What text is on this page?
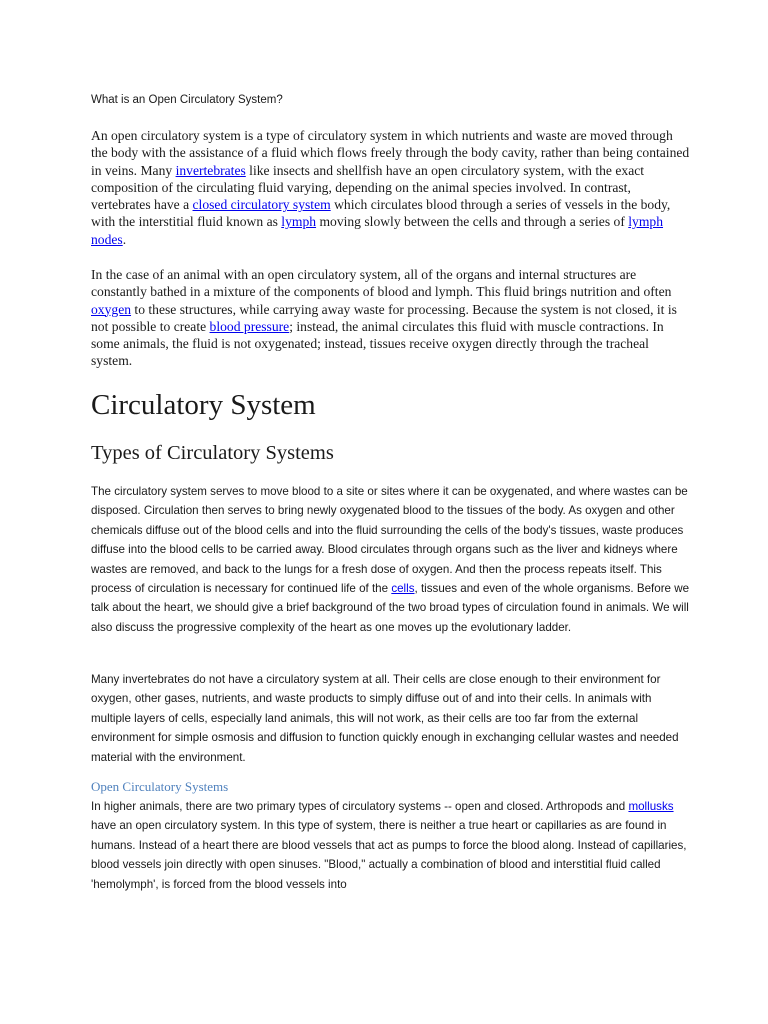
What is an Open Circulatory System?

An open circulatory system is a type of circulatory system in which nutrients and waste are moved through the body with the assistance of a fluid which flows freely through the body cavity, rather than being contained in veins. Many invertebrates like insects and shellfish have an open circulatory system, with the exact composition of the circulating fluid varying, depending on the animal species involved. In contrast, vertebrates have a closed circulatory system which circulates blood through a series of vessels in the body, with the interstitial fluid known as lymph moving slowly between the cells and through a series of lymph nodes.

In the case of an animal with an open circulatory system, all of the organs and internal structures are constantly bathed in a mixture of the components of blood and lymph. This fluid brings nutrition and often oxygen to these structures, while carrying away waste for processing. Because the system is not closed, it is not possible to create blood pressure; instead, the animal circulates this fluid with muscle contractions. In some animals, the fluid is not oxygenated; instead, tissues receive oxygen directly through the tracheal system.

Circulatory System
Types of Circulatory Systems

The circulatory system serves to move blood to a site or sites where it can be oxygenated, and where wastes can be disposed. Circulation then serves to bring newly oxygenated blood to the tissues of the body. As oxygen and other chemicals diffuse out of the blood cells and into the fluid surrounding the cells of the body's tissues, waste produces diffuse into the blood cells to be carried away. Blood circulates through organs such as the liver and kidneys where wastes are removed, and back to the lungs for a fresh dose of oxygen. And then the process repeats itself. This process of circulation is necessary for continued life of the cells, tissues and even of the whole organisms. Before we talk about the heart, we should give a brief background of the two broad types of circulation found in animals. We will also discuss the progressive complexity of the heart as one moves up the evolutionary ladder.

Many invertebrates do not have a circulatory system at all. Their cells are close enough to their environment for oxygen, other gases, nutrients, and waste products to simply diffuse out of and into their cells. In animals with multiple layers of cells, especially land animals, this will not work, as their cells are too far from the external environment for simple osmosis and diffusion to function quickly enough in exchanging cellular wastes and needed material with the environment.

Open Circulatory Systems

In higher animals, there are two primary types of circulatory systems -- open and closed. Arthropods and mollusks have an open circulatory system. In this type of system, there is neither a true heart or capillaries as are found in humans. Instead of a heart there are blood vessels that act as pumps to force the blood along. Instead of capillaries, blood vessels join directly with open sinuses. "Blood," actually a combination of blood and interstitial fluid called 'hemolymph', is forced from the blood vessels into
